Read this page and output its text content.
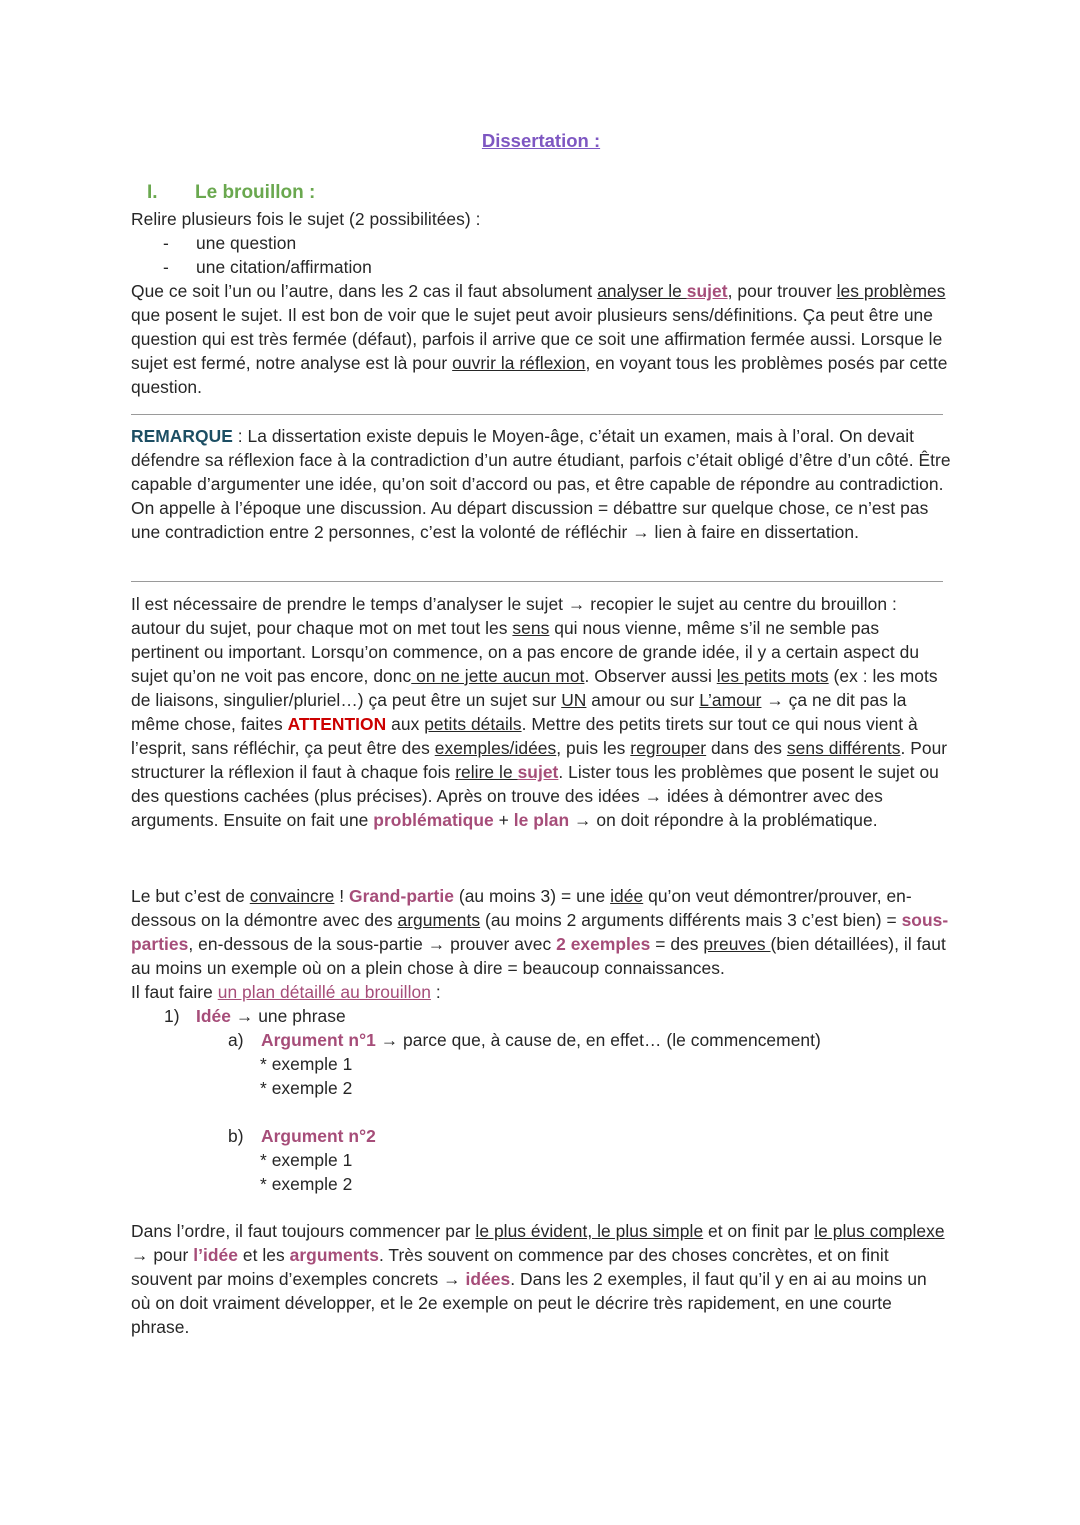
Dissertation :
I. Le brouillon :

Relire plusieurs fois le sujet (2 possibilitées) :

- une question

- une citation/affirmation

Que ce soit l’un ou l’autre, dans les 2 cas il faut absolument analyser le sujet, pour trouver les problèmes que posent le sujet. Il est bon de voir que le sujet peut avoir plusieurs sens/définitions. Ça peut être une question qui est très fermée (défaut), parfois il arrive que ce soit une affirmation fermée aussi. Lorsque le sujet est fermé, notre analyse est là pour ouvrir la réflexion, en voyant tous les problèmes posés par cette question.

REMARQUE : La dissertation existe depuis le Moyen-âge, c’était un examen, mais à l’oral. On devait défendre sa réflexion face à la contradiction d’un autre étudiant, parfois c’était obligé d’être d’un côté. Être capable d’argumenter une idée, qu’on soit d’accord ou pas, et être capable de répondre au contradiction. On appelle à l’époque une discussion. Au départ discussion = débattre sur quelque chose, ce n’est pas une contradiction entre 2 personnes, c’est la volonté de réfléchir → lien à faire en dissertation.

Il est nécessaire de prendre le temps d’analyser le sujet → recopier le sujet au centre du brouillon : autour du sujet, pour chaque mot on met tout les sens qui nous vienne, même s’il ne semble pas pertinent ou important. Lorsqu’on commence, on a pas encore de grande idée, il y a certain aspect du sujet qu’on ne voit pas encore, donc on ne jette aucun mot. Observer aussi les petits mots (ex : les mots de liaisons, singulier/pluriel…) ça peut être un sujet sur UN amour ou sur L’amour → ça ne dit pas la même chose, faites ATTENTION aux petits détails. Mettre des petits tirets sur tout ce qui nous vient à l’esprit, sans réfléchir, ça peut être des exemples/idées, puis les regrouper dans des sens différents. Pour structurer la réflexion il faut à chaque fois relire le sujet. Lister tous les problèmes que posent le sujet ou des questions cachées (plus précises). Après on trouve des idées → idées à démontrer avec des arguments. Ensuite on fait une problématique + le plan → on doit répondre à la problématique.

Le but c’est de convaincre ! Grand-partie (au moins 3) = une idée qu’on veut démontrer/prouver, en-dessous on la démontre avec des arguments (au moins 2 arguments différents mais 3 c’est bien) = sous-parties, en-dessous de la sous-partie → prouver avec 2 exemples = des preuves (bien détaillées), il faut au moins un exemple où on a plein chose à dire = beaucoup connaissances.

Il faut faire un plan détaillé au brouillon :

1) Idée → une phrase

a) Argument n°1 → parce que, à cause de, en effet… (le commencement)

* exemple 1

* exemple 2

b) Argument n°2

* exemple 1

* exemple 2

Dans l’ordre, il faut toujours commencer par le plus évident, le plus simple et on finit par le plus complexe → pour l’idée et les arguments. Très souvent on commence par des choses concrètes, et on finit souvent par moins d’exemples concrets → idées. Dans les 2 exemples, il faut qu’il y en ai au moins un où on doit vraiment développer, et le 2e exemple on peut le décrire très rapidement, en une courte phrase.
